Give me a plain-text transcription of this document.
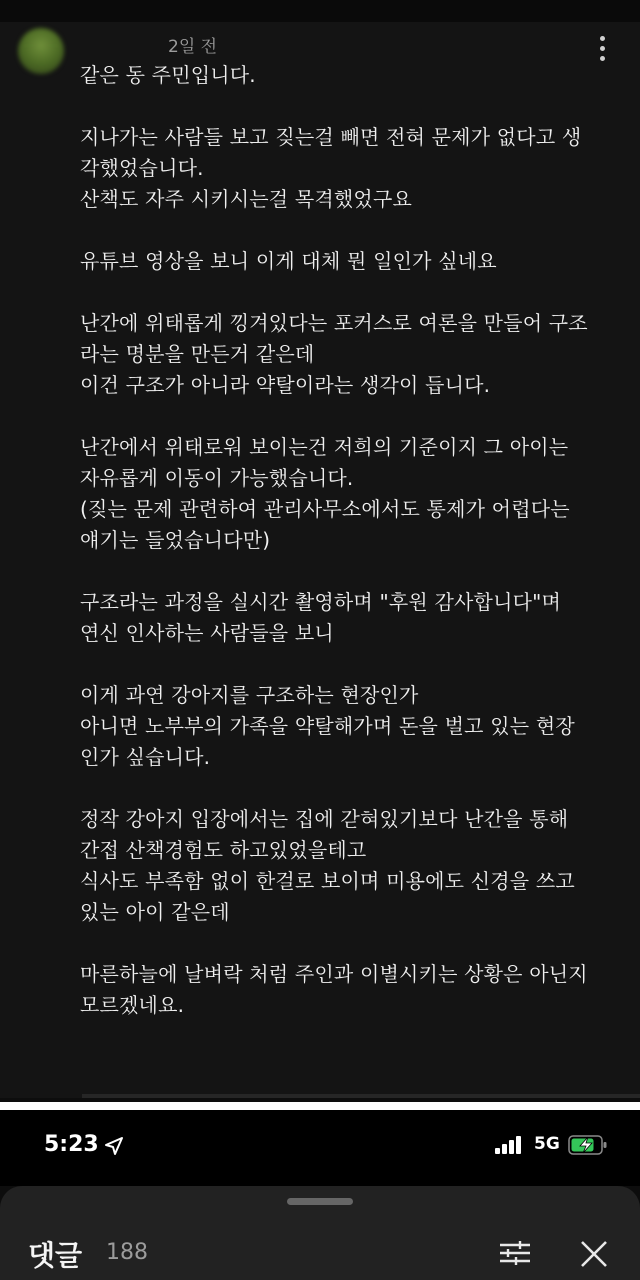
2일 전
같은 동 주민입니다.
지나가는 사람들 보고 짖는걸 빼면 전혀 문제가 없다고 생
각했었습니다.
산책도 자주 시키시는걸 목격했었구요
유튜브 영상을 보니 이게 대체 뭔 일인가 싶네요
난간에 위태롭게 낑겨있다는 포커스로 여론을 만들어 구조
라는 명분을 만든거 같은데
이건 구조가 아니라 약탈이라는 생각이 듭니다.
난간에서 위태로워 보이는건 저희의 기준이지 그 아이는
자유롭게 이동이 가능했습니다.
(짖는 문제 관련하여 관리사무소에서도 통제가 어렵다는
얘기는 들었습니다만)
구조라는 과정을 실시간 촬영하며 "후원 감사합니다"며
연신 인사하는 사람들을 보니
이게 과연 강아지를 구조하는 현장인가
아니면 노부부의 가족을 약탈해가며 돈을 벌고 있는 현장
인가 싶습니다.
정작 강아지 입장에서는 집에 갇혀있기보다 난간을 통해
간접 산책경험도 하고있었을테고
식사도 부족함 없이 한걸로 보이며 미용에도 신경을 쓰고
있는 아이 같은데
마른하늘에 날벼락 처럼 주인과 이별시키는 상황은 아닌지
모르겠네요.
5:23	5G
댓글 188
